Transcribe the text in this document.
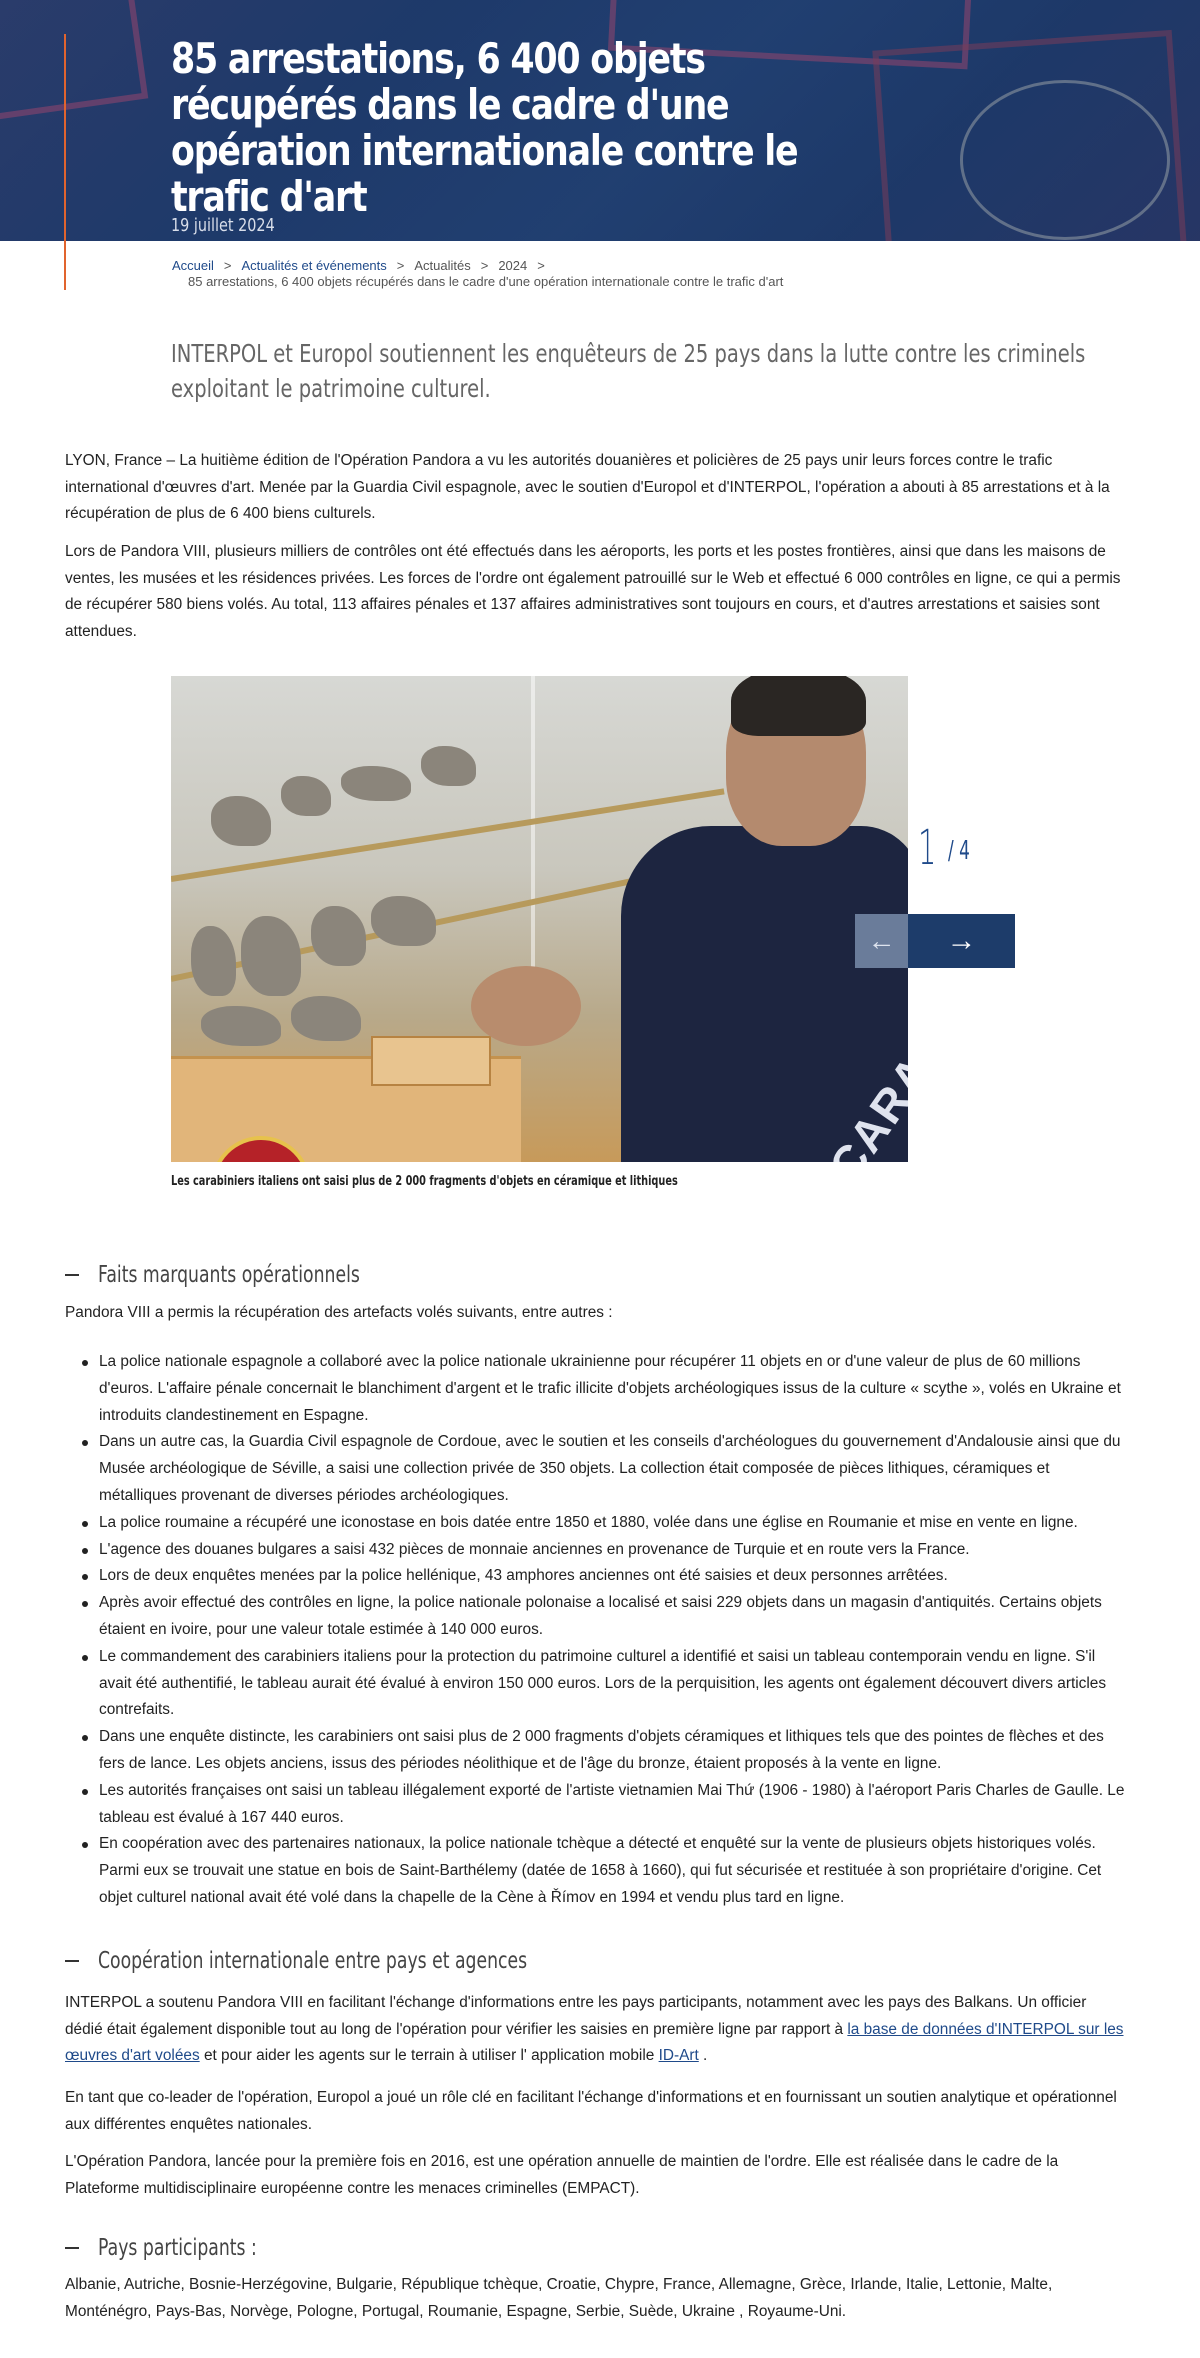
85 arrestations, 6 400 objets récupérés dans le cadre d'une opération internationale contre le trafic d'art
19 juillet 2024
Accueil > Actualités et événements > Actualités > 2024 >
85 arrestations, 6 400 objets récupérés dans le cadre d'une opération internationale contre le trafic d'art

INTERPOL et Europol soutiennent les enquêteurs de 25 pays dans la lutte contre les criminels exploitant le patrimoine culturel.

LYON, France – La huitième édition de l'Opération Pandora a vu les autorités douanières et policières de 25 pays unir leurs forces contre le trafic international d'œuvres d'art. Menée par la Guardia Civil espagnole, avec le soutien d'Europol et d'INTERPOL, l'opération a abouti à 85 arrestations et à la récupération de plus de 6 400 biens culturels.

Lors de Pandora VIII, plusieurs milliers de contrôles ont été effectués dans les aéroports, les ports et les postes frontières, ainsi que dans les maisons de ventes, les musées et les résidences privées. Les forces de l'ordre ont également patrouillé sur le Web et effectué 6 000 contrôles en ligne, ce qui a permis de récupérer 580 biens volés. Au total, 113 affaires pénales et 137 affaires administratives sont toujours en cours, et d'autres arrestations et saisies sont attendues.

1 / 4
← →
Les carabiniers italiens ont saisi plus de 2 000 fragments d'objets en céramique et lithiques
Faits marquants opérationnels

Pandora VIII a permis la récupération des artefacts volés suivants, entre autres :

La police nationale espagnole a collaboré avec la police nationale ukrainienne pour récupérer 11 objets en or d'une valeur de plus de 60 millions d'euros. L'affaire pénale concernait le blanchiment d'argent et le trafic illicite d'objets archéologiques issus de la culture « scythe », volés en Ukraine et introduits clandestinement en Espagne.
Dans un autre cas, la Guardia Civil espagnole de Cordoue, avec le soutien et les conseils d'archéologues du gouvernement d'Andalousie ainsi que du Musée archéologique de Séville, a saisi une collection privée de 350 objets. La collection était composée de pièces lithiques, céramiques et métalliques provenant de diverses périodes archéologiques.
La police roumaine a récupéré une iconostase en bois datée entre 1850 et 1880, volée dans une église en Roumanie et mise en vente en ligne.
L'agence des douanes bulgares a saisi 432 pièces de monnaie anciennes en provenance de Turquie et en route vers la France.
Lors de deux enquêtes menées par la police hellénique, 43 amphores anciennes ont été saisies et deux personnes arrêtées.
Après avoir effectué des contrôles en ligne, la police nationale polonaise a localisé et saisi 229 objets dans un magasin d'antiquités. Certains objets étaient en ivoire, pour une valeur totale estimée à 140 000 euros.
Le commandement des carabiniers italiens pour la protection du patrimoine culturel a identifié et saisi un tableau contemporain vendu en ligne. S'il avait été authentifié, le tableau aurait été évalué à environ 150 000 euros. Lors de la perquisition, les agents ont également découvert divers articles contrefaits.
Dans une enquête distincte, les carabiniers ont saisi plus de 2 000 fragments d'objets céramiques et lithiques tels que des pointes de flèches et des fers de lance. Les objets anciens, issus des périodes néolithique et de l'âge du bronze, étaient proposés à la vente en ligne.
Les autorités françaises ont saisi un tableau illégalement exporté de l'artiste vietnamien Mai Thứ (1906 - 1980) à l'aéroport Paris Charles de Gaulle. Le tableau est évalué à 167 440 euros.
En coopération avec des partenaires nationaux, la police nationale tchèque a détecté et enquêté sur la vente de plusieurs objets historiques volés. Parmi eux se trouvait une statue en bois de Saint-Barthélemy (datée de 1658 à 1660), qui fut sécurisée et restituée à son propriétaire d'origine. Cet objet culturel national avait été volé dans la chapelle de la Cène à Římov en 1994 et vendu plus tard en ligne.
Coopération internationale entre pays et agences

INTERPOL a soutenu Pandora VIII en facilitant l'échange d'informations entre les pays participants, notamment avec les pays des Balkans. Un officier dédié était également disponible tout au long de l'opération pour vérifier les saisies en première ligne par rapport à la base de données d'INTERPOL sur les œuvres d'art volées et pour aider les agents sur le terrain à utiliser l' application mobile ID-Art .

En tant que co-leader de l'opération, Europol a joué un rôle clé en facilitant l'échange d'informations et en fournissant un soutien analytique et opérationnel aux différentes enquêtes nationales.

L'Opération Pandora, lancée pour la première fois en 2016, est une opération annuelle de maintien de l'ordre. Elle est réalisée dans le cadre de la Plateforme multidisciplinaire européenne contre les menaces criminelles (EMPACT).

Pays participants :

Albanie, Autriche, Bosnie-Herzégovine, Bulgarie, République tchèque, Croatie, Chypre, France, Allemagne, Grèce, Irlande, Italie, Lettonie, Malte, Monténégro, Pays-Bas, Norvège, Pologne, Portugal, Roumanie, Espagne, Serbie, Suède, Ukraine , Royaume-Uni.
